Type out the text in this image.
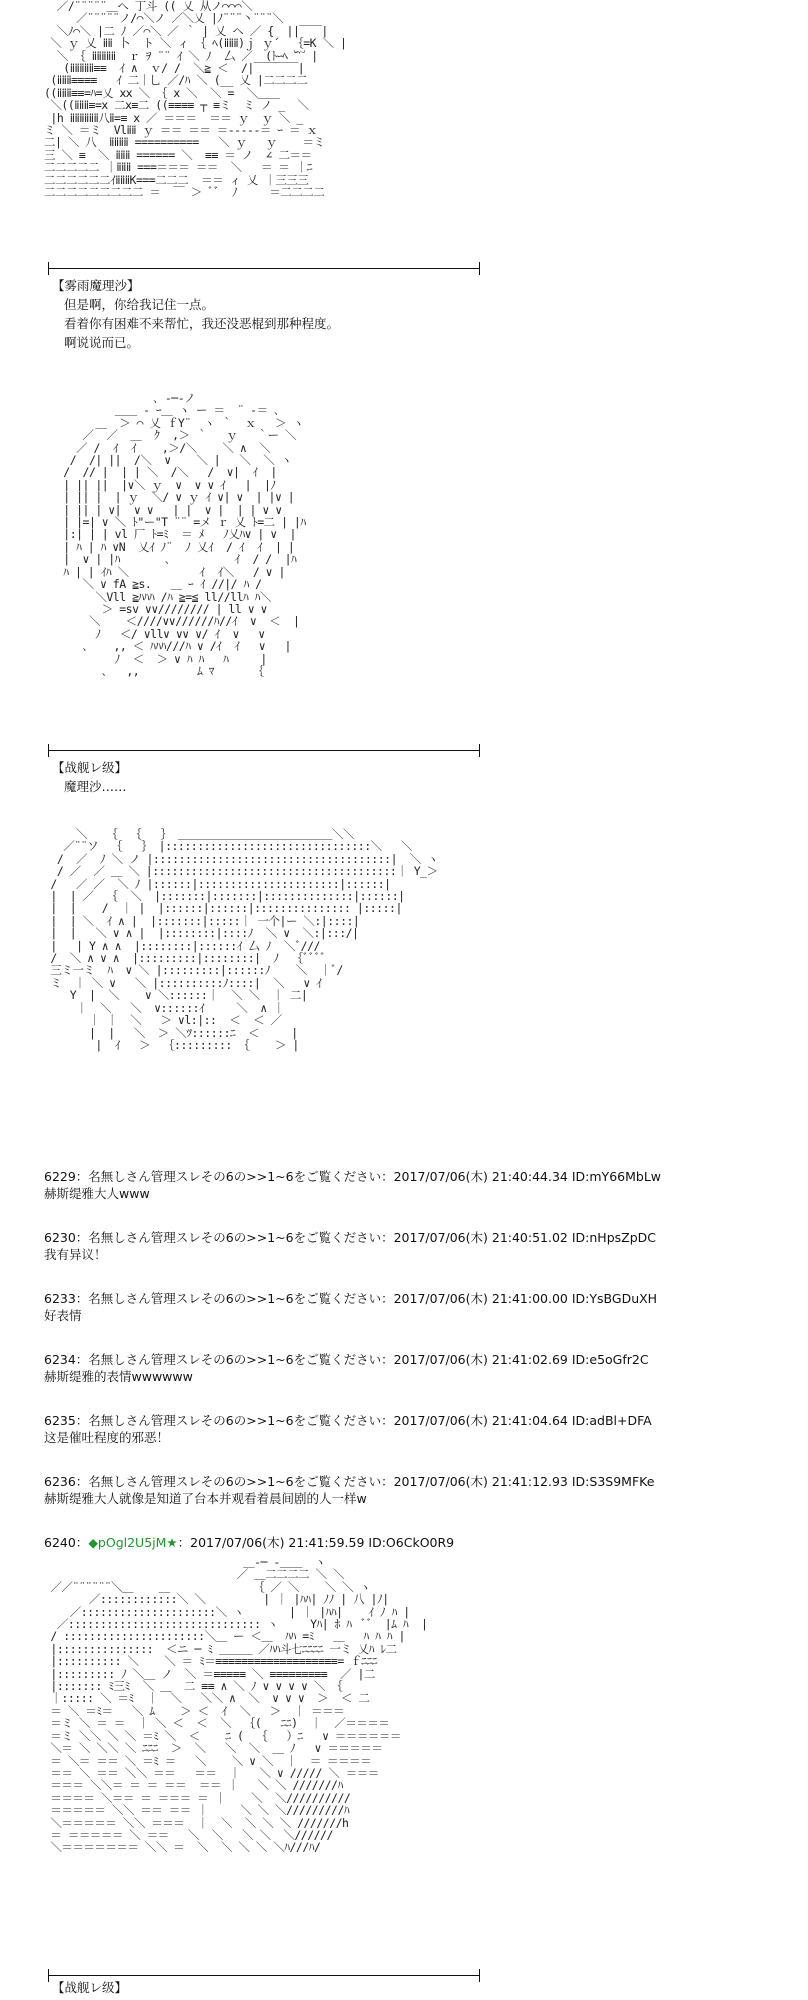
／/¨¨¨¨¨＿へ 丁斗 (( 乂 从ノ⌒⌒⌒＼
／¨¨¨¨¨ノ/⌒＼ノ ／＼乂 |ﾉ¨¨¨丶¨¨¨＼
＼ﾉ⌒＼ |二 ﾉ ／⌒＼ ／ ｀ | 乂 ヘ ／ {  ||￣￣|
＼ ｙ 乂 ⅱⅱ 卜  ト ＼ ィ ｛ ﾍ(ⅱⅱⅱ)ｊ ｙ´  ｛=K ＼ |
＼ ｛ ⅱⅱⅱⅱⅱ  ｒ ｦ ¨¨ ｲ ＼ ﾉ  厶 ／  (ﾄｰﾍ ︸ |
(ⅱⅱⅱⅱⅱ≡≡  ｲ ∧  ｖ/ /  ＼≧ ＜  /|￣￣￣￣|
(ⅱⅱⅱ≡≡≡≡   ｲ 二｜乚 ／/ﾊ ＼ (__ 乂 |二二二二
((ⅱⅱⅱ≡≡=ﾊ=乂 ⅹⅹ ＼ ｛ ⅹ ＼  ＼ =  ＼＿＿
＼((ⅱⅱⅱ≡=ⅹ 二ⅹ≡二 ((≡≡≡≡ ┬ ≡ミ  ミ ノ _  ＼
|h ⅱⅱⅱⅱⅱⅱ八ⅱ=≡ ⅹ ／ ＝＝＝  ＝＝ ｙ  ｙ ＼ _
ミ ＼ ＝ミ  Vlⅱⅱ ｙ ＝＝ ＝＝ ＝-----＝ ｰ ＝ ｘ
二| ＼ 八  ⅱⅱⅱⅱ ==========   ＼ ｙ   ｙ    ＝ミ
三 ＼ ≡  ＼ ⅱⅱⅱ ====== ＼  ≡≡ ＝ ノ  ∠ 二＝＝
二二二二二 ｜ⅱⅱⅱ ===＝＝＝ ＝＝  ＼   ＝ ＝ ｜ﾆ
二二二二二二ｲⅱⅱⅱK===二二二  ＝＝ ィ 乂 ｜三三三
二二二二二二二二二 ＝  ￣ ＞ ﾞﾞ  ﾉ     ＝二二二二
【雾雨魔理沙】
但是啊，你给我记住一点。
看着你有困难不来帮忙，我还没恶棍到那种程度。
啊说说而已。
､ -─-ノ
＿＿ - ｰ＿ ヽ ー ＝  ¨ -＝ ､
＿  ＞ ⌒ 乂 ｆY¨  ヽ ｀  ｘ   ＞ ヽ
／  ／  ＿  ｸ  ,＞ ｀   ｙ   ｀ー ＼
／ /  ｲ  ｲ    ,＞/＼    ＼ ∧  ＼
/  /| ||  /＼  ∨    ＼ |   ＼  ＼ ヽ
/  // |  | | ＼  /＼   /  ∨|  ｲ  |
| || ||  |∨＼ ｙ  ∨  ∨ ∨ ｲ   |  |ﾉ
| || |  | ｙ  ＼/ ∨ ｙ ｲ ∨| ∨  | |∨ |
| || | ∨|  ∨ ∨   | |  ∨ |  | | ∨ ∨
| |=| ∨ ＼ ﾄ"ー"T ¨¨ =メ ｒ 乂 ﾄ=二 | |ﾊ
|:| | | vl 厂 ﾄ=ﾐ  ＝ ﾒ   ﾉ乂ﾊ∨ | ∨  |
| ﾊ | ﾊ ∨N  乂ｲ ﾉ¨  ﾉ 乂ｲ  / ｲ  ｲ  | |
|  ∨ | |ﾊ       ､          ｲ  / /  |ﾊ
ﾊ | | ｲﾊ ＼           ｲ  ｲ＼   / ∨ |
＼ ∨ fA ≧s.   ＿ ｰ ｲ //|/ ﾊ /
＼Vll ≧ﾊﾊﾊ /ﾊ ≧=≦ ll//llﾊ ﾊ＼
＞ =sv ∨∨//////// | ll ∨ ∨
＼    ＜////∨∨//////ﾊ//ｲ  ∨  ＜  |
ﾉ   ＜/ ∨ll∨ ∨∨ ∨/ ｲ  ∨   ∨
､    ,, ＜ ﾊﾊﾊ///ﾊ ∨ /ｲ  ｲ   ∨   |
ﾉ  ＜  ＞ ∨ ﾊ ﾊ   ﾊ     |
､   ,,         ﾑ ﾏ      ｛
【战舰レ级】
魔理沙……
＼   ｛  ｛   ｝ ＿＿＿＿＿＿＿＿＿＿＿＿＿＿＼＼
／¨¨ソ  ｛   ｝ |::::::::::::::::::::::::::::::::＼   ＼
/  ／  ﾉ ＼ ノ |:::::::::::::::::::::::::::::::::::::|  ＼ ヽ
/ ／  ／ ＿ ＼ |::::::::::::::::::::::::::::::::::::::｜ Y_＞
/   ／ ／  ＼ ﾉ |::::::|::::::::::::::::::::::|::::::|
|  | ／  ｛  ＼  |:::::::|:::::::|::::::::::::::|::::::|
|  |    /  ｜ |  |::::::|::::::|::::::::::::::: |:::::|
|  | ＼  ｲ ∧ |  |:::::::|:::::｜ 一个|ー ＼:|::::|
|  |   ＼ ∨ ∧ |  |::::::::|::::ﾉ  ＼ ∨  ＼:|:::/|
|   | Y ∧ ∧  |::::::::|::::::ｲ 厶 ﾉ  ＼ﾞ///
/  ＼ ∧ ∨ ∧  |:::::::::|::::::::|  ﾉ  ｛ﾞﾞﾞﾞ
三ミ一ミ  ﾊ  ∨ ＼ |:::::::::|::::::ﾉ    ＼  ｜ﾞ/
ミ  ｜ ＼ ∨   ＼ |::::::::::ﾉ::::|  ＼   ∨ ｲ
Y  |  ＼    ∨ ＼::::::｜  ＼ ＼  ｜ 二|
｜  ＼   ＼  ∨::::::ｲ     ＼  ∧ ｜
｜ ｜  ＼   ＞ ∨l:|::  ＜  ＜ ／
|  |   ＼  ＞ ＼ﾂ::::::ﾆ  ＜     |
|  ｲ   ＞  ｛::::::::: ｛    ＞ |
6229：名無しさん管理スレその6の>>1~6をご覧ください：2017/07/06(木) 21:40:44.34 ID:mY66MbLw
赫斯缇雅大人www
6230：名無しさん管理スレその6の>>1~6をご覧ください：2017/07/06(木) 21:40:51.02 ID:nHpsZpDC
我有异议！
6233：名無しさん管理スレその6の>>1~6をご覧ください：2017/07/06(木) 21:41:00.00 ID:YsBGDuXH
好表情
6234：名無しさん管理スレその6の>>1~6をご覧ください：2017/07/06(木) 21:41:02.69 ID:e5oGfr2C
赫斯缇雅的表情wwwwww
6235：名無しさん管理スレその6の>>1~6をご覧ください：2017/07/06(木) 21:41:04.64 ID:adBl+DFA
这是催吐程度的邪恶！
6236：名無しさん管理スレその6の>>1~6をご覧ください：2017/07/06(木) 21:41:12.93 ID:S3S9MFKe
赫斯缇雅大人就像是知道了台本并观看着晨间剧的人一样w
6240：◆pOgl2U5jM★：2017/07/06(木) 21:41:59.59 ID:O6CkO0R9
＿-─ -＿＿  ヽ
／ ＿二二二二 ＼ ＼
／／¨¨¨¨¨¨＼＿    ＿             ｛ ／ ＼    ＼ ＼ ヽ
／::::::::::::＼ ＼         | ｜ |ﾊﾊ| ﾉﾉ | 八 |ﾉ|
／:::::::::::::::::::::＼ ヽ       | ｜ |ﾊﾊ|    ｲ ﾉ ﾊ |
／:::::::::::::::::::::::::::::: ヽ     Yﾊ| ﾎ ﾊ  ﾞﾞ  |ﾑ ﾊ  |
/ ::::::::::::::::::::::＼＿ ー ＜＿  ﾊﾊ =ﾐ   ＿   ﾊ ﾊ ﾊ |
|:::::::::::::::  ＜ニ ─ ﾐ ＿＿＿ ／ﾊﾊ斗七ﾆﾆﾆﾆ 一ミ 乂ﾊ ﾚ二
|:::::::::: ＼    ＼ ＝ ﾐ＝≡≡≡≡≡≡≡≡≡≡≡≡≡≡≡≡≡≡≡= ｆﾆﾆﾆ
|::::::::: ﾉ ＼＿ ノ  ＼ ＝≡≡≡≡≡ ＼ ≡≡≡≡≡≡≡≡≡  ／ |二
|::::::: ﾐ三ﾐ  ＼ ＿  二 ≡≡ ∧ ＼ ﾉ ∨ ∨ ∨ ∨ ＼ ｛
｜::::: ＼ ＝ﾐ  ｜  ＼   ＼＼ ∧  ＼  ∨ ∨ ∨  ＞  ＜ 二
＝ ＼ ＝ﾐ＝   ＼ ﾑ    ＞ ＜  ｲ  ＼   ＞  ｜ ＝＝＝
＝ミ ＼ ＝ ＝  ｜ ＼ ＜  ＜  ＼  ｛(   ﾆﾆ)  ｜  ／＝＝＝＝
＝ミ ＼＼ ＼ ＼ ＝ﾐ ＼  ＜    ﾆ (  ｛   ）ﾆ   ∨ ＝＝＝＝＝＝
＼＝ ＼ ＼＼ ＼ ﾆﾆﾆ  ＞  ＼   ＼  ＼  ＿ ﾉ   ∨ ＝＝＝＝＝
＝ ＼＝ ＝＝ ＼ ＝ﾐ ＝   ＼    ＼ ∨ ＼  ｜  ＝ ＝＝＝＝
＝＝ ＼ ＝＝ ＼＼ ＝＝   ＝＝  ｜   ＼ ∨ ///// ＼ ＝＝＝
＝＝＝ ＼＼＝ ＝ ＝ ＝＝  ＝＝ ｜   ＼ ＼ ///////ﾊ
＝＝＝＝ ＼＝＝ ＝ ＝＝＝ ＝ ｜    ＼  ＼//////////
＝＝＝＝＝ ＼＼ ＝＝ ＝＝ ｜     ＼ ＼ ＼/////////ﾊ
＼＝＝＝＝＝ ＼＼ ＝＝＝  ｜  ＼  ＼ ＼ ＼ ///////h
＝ ＝＝＝＝＝ ＼ ＝＝   ＼  ＼   ＼ ＼  ＼//////
＼＝＝＝＝＝＝＝ ＼＼ ＝  ＼  ＼ ＼ ＼ ＼ﾊ///ﾊ/
【战舰レ级】
